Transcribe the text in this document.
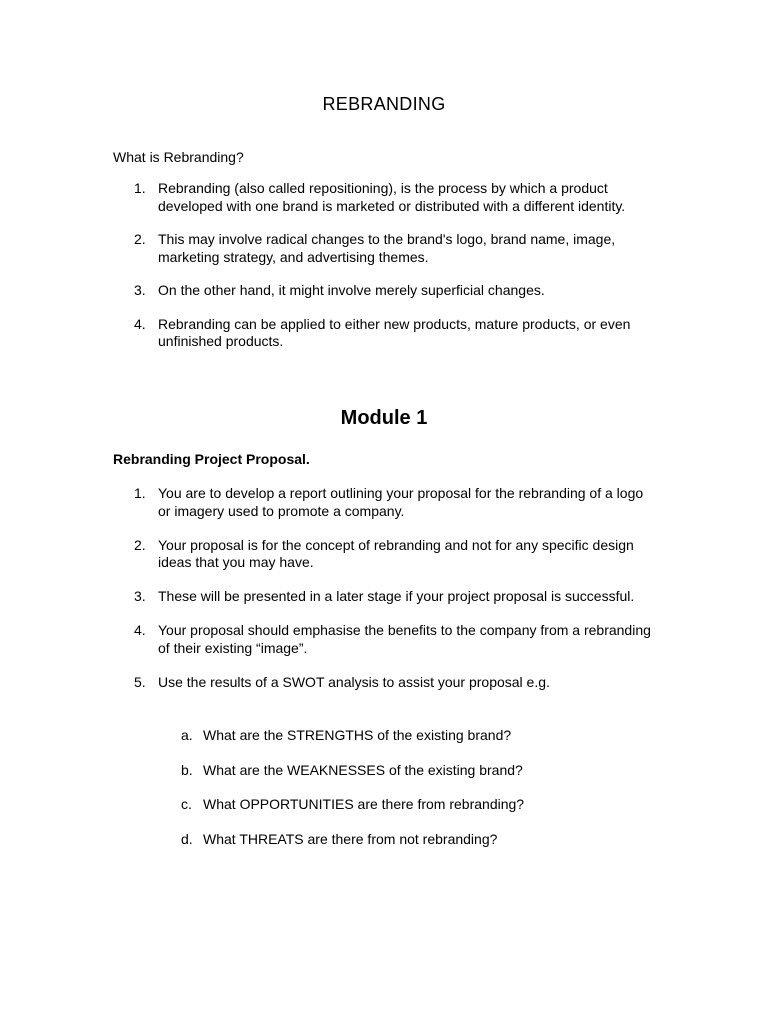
REBRANDING
What is Rebranding?
1. Rebranding (also called repositioning), is the process by which a product developed with one brand is marketed or distributed with a different identity.
2. This may involve radical changes to the brand's logo, brand name, image, marketing strategy, and advertising themes.
3. On the other hand, it might involve merely superficial changes.
4. Rebranding can be applied to either new products, mature products, or even unfinished products.
Module 1
Rebranding Project Proposal.
1. You are to develop a report outlining your proposal for the rebranding of a logo or imagery used to promote a company.
2. Your proposal is for the concept of rebranding and not for any specific design ideas that you may have.
3. These will be presented in a later stage if your project proposal is successful.
4. Your proposal should emphasise the benefits to the company from a rebranding of their existing “image”.
5. Use the results of a SWOT analysis to assist your proposal e.g.
a. What are the STRENGTHS of the existing brand?
b. What are the WEAKNESSES of the existing brand?
c. What OPPORTUNITIES are there from rebranding?
d. What THREATS are there from not rebranding?
